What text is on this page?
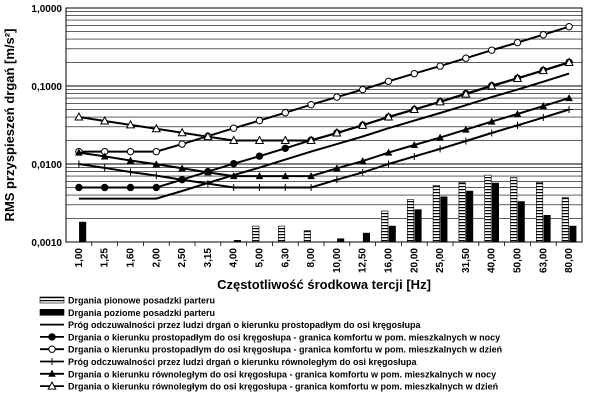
0,0010
0,0100
0,1000
1,0000
1,00 1,25 1,60 2,00 2,50 3,15 4,00 5,00 6,30 8,00 10,00 12,50 16,00 20,00 25,00 31,50 40,00 50,00 63,00 80,00
RMS przyspieszeń drgań [m/s²]
Częstotliwość środkowa tercji [Hz]
Drgania pionowe posadzki parteru
Drgania poziome posadzki parteru
Próg odczuwalności przez ludzi drgań o kierunku prostopadłym do osi kręgosłupa
Drgania o kierunku prostopadłym do osi kręgosłupa - granica komfortu w pom. mieszkalnych w nocy
Drgania o kierunku prostopadłym do osi kręgosłupa - granica komfortu w pom. mieszkalnych w dzień
Próg odczuwalności przez ludzi drgań o kierunku równoległym do osi kręgosłupa
Drgania o kierunku równoległym do osi kręgosłupa - granica komfortu w pom. mieszkalnych w nocy
Drgania o kierunku równoległym do osi kręgosłupa - granica komfortu w pom. mieszkalnych w dzień
